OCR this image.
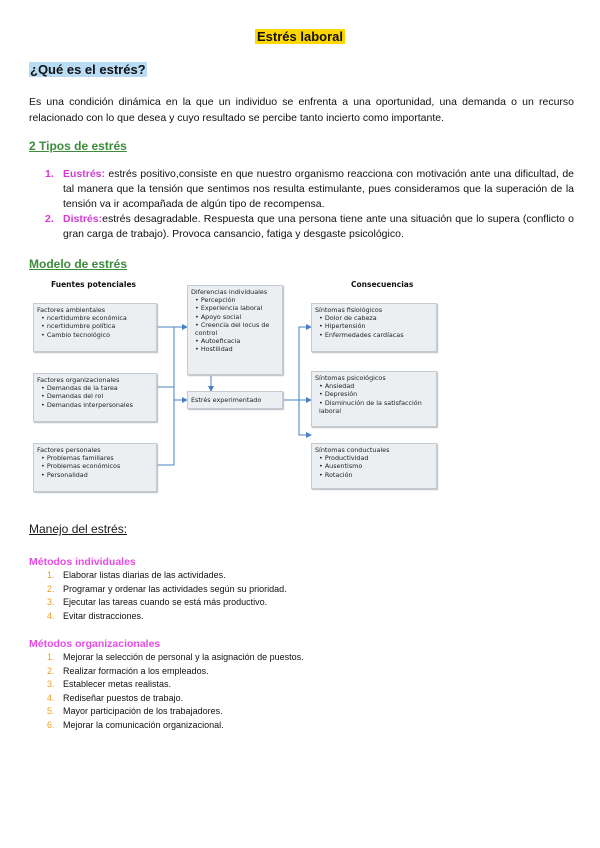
Estrés laboral
¿Qué es el estrés?
Es una condición dinámica en la que un individuo se enfrenta a una oportunidad, una demanda o un recurso relacionado con lo que desea y cuyo resultado se percibe tanto incierto como importante.
2 Tipos de estrés
1. Eustrés: estrés positivo,consiste en que nuestro organismo reacciona con motivación ante una dificultad, de tal manera que la tensión que sentimos nos resulta estimulante, pues consideramos que la superación de la tensión va ir acompañada de algún tipo de recompensa.
2. Distrés:estrés desagradable. Respuesta que una persona tiene ante una situación que lo supera (conflicto o gran carga de trabajo). Provoca cansancio, fatiga y desgaste psicológico.
Modelo de estrés
Fuentes potenciales	Consecuencias
Factores ambientales
• ncertidumbre económica
• ncertidumbre política
• Cambio tecnológico
Factores organizacionales
• Demandas de la tarea
• Demandas del rol
• Demandas interpersonales
Factores personales
• Problemas familiares
• Problemas económicos
• Personalidad
Diferencias individuales
• Percepción
• Experiencia laboral
• Apoyo social
• Creencia del locus de control
• Autoeficacia
• Hostilidad
Estrés experimentado
Síntomas fisiológicos
• Dolor de cabeza
• Hipertensión
• Enfermedades cardíacas
Síntomas psicológicos
• Ansiedad
• Depresión
• Disminución de la satisfacción laboral
Síntomas conductuales
• Productividad
• Ausentismo
• Rotación
Manejo del estrés:
Métodos individuales
1. Elaborar listas diarias de las actividades.
2. Programar y ordenar las actividades según su prioridad.
3. Ejecutar las tareas cuando se está más productivo.
4. Evitar distracciones.
Métodos organizacionales
1. Mejorar la selección de personal y la asignación de puestos.
2. Realizar formación a los empleados.
3. Establecer metas realistas.
4. Rediseñar puestos de trabajo.
5. Mayor participación de los trabajadores.
6. Mejorar la comunicación organizacional.
